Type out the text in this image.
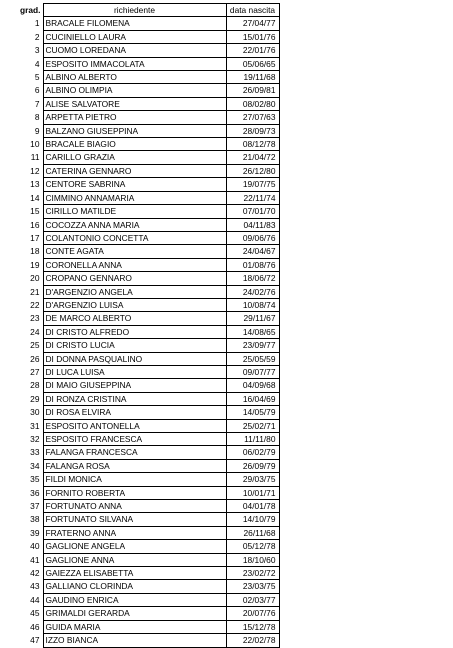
grad.	richiedente	data nascita
1	BRACALE FILOMENA	27/04/77
2	CUCINIELLO LAURA	15/01/76
3	CUOMO LOREDANA	22/01/76
4	ESPOSITO IMMACOLATA	05/06/65
5	ALBINO ALBERTO	19/11/68
6	ALBINO OLIMPIA	26/09/81
7	ALISE SALVATORE	08/02/80
8	ARPETTA PIETRO	27/07/63
9	BALZANO GIUSEPPINA	28/09/73
10	BRACALE BIAGIO	08/12/78
11	CARILLO GRAZIA	21/04/72
12	CATERINA GENNARO	26/12/80
13	CENTORE SABRINA	19/07/75
14	CIMMINO ANNAMARIA	22/11/74
15	CIRILLO MATILDE	07/01/70
16	COCOZZA ANNA MARIA	04/11/83
17	COLANTONIO CONCETTA	09/06/76
18	CONTE AGATA	24/04/67
19	CORONELLA ANNA	01/08/76
20	CROPANO GENNARO	18/06/72
21	D'ARGENZIO ANGELA	24/02/76
22	D'ARGENZIO LUISA	10/08/74
23	DE MARCO ALBERTO	29/11/67
24	DI CRISTO ALFREDO	14/08/65
25	DI CRISTO LUCIA	23/09/77
26	DI DONNA PASQUALINO	25/05/59
27	DI LUCA LUISA	09/07/77
28	DI MAIO GIUSEPPINA	04/09/68
29	DI RONZA CRISTINA	16/04/69
30	DI ROSA ELVIRA	14/05/79
31	ESPOSITO ANTONELLA	25/02/71
32	ESPOSITO FRANCESCA	11/11/80
33	FALANGA FRANCESCA	06/02/79
34	FALANGA ROSA	26/09/79
35	FILDI MONICA	29/03/75
36	FORNITO ROBERTA	10/01/71
37	FORTUNATO ANNA	04/01/78
38	FORTUNATO SILVANA	14/10/79
39	FRATERNO ANNA	26/11/68
40	GAGLIONE ANGELA	05/12/78
41	GAGLIONE ANNA	18/10/60
42	GAIEZZA ELISABETTA	23/02/72
43	GALLIANO CLORINDA	23/03/75
44	GAUDINO ENRICA	02/03/77
45	GRIMALDI GERARDA	20/07/76
46	GUIDA MARIA	15/12/78
47	IZZO BIANCA	22/02/78
